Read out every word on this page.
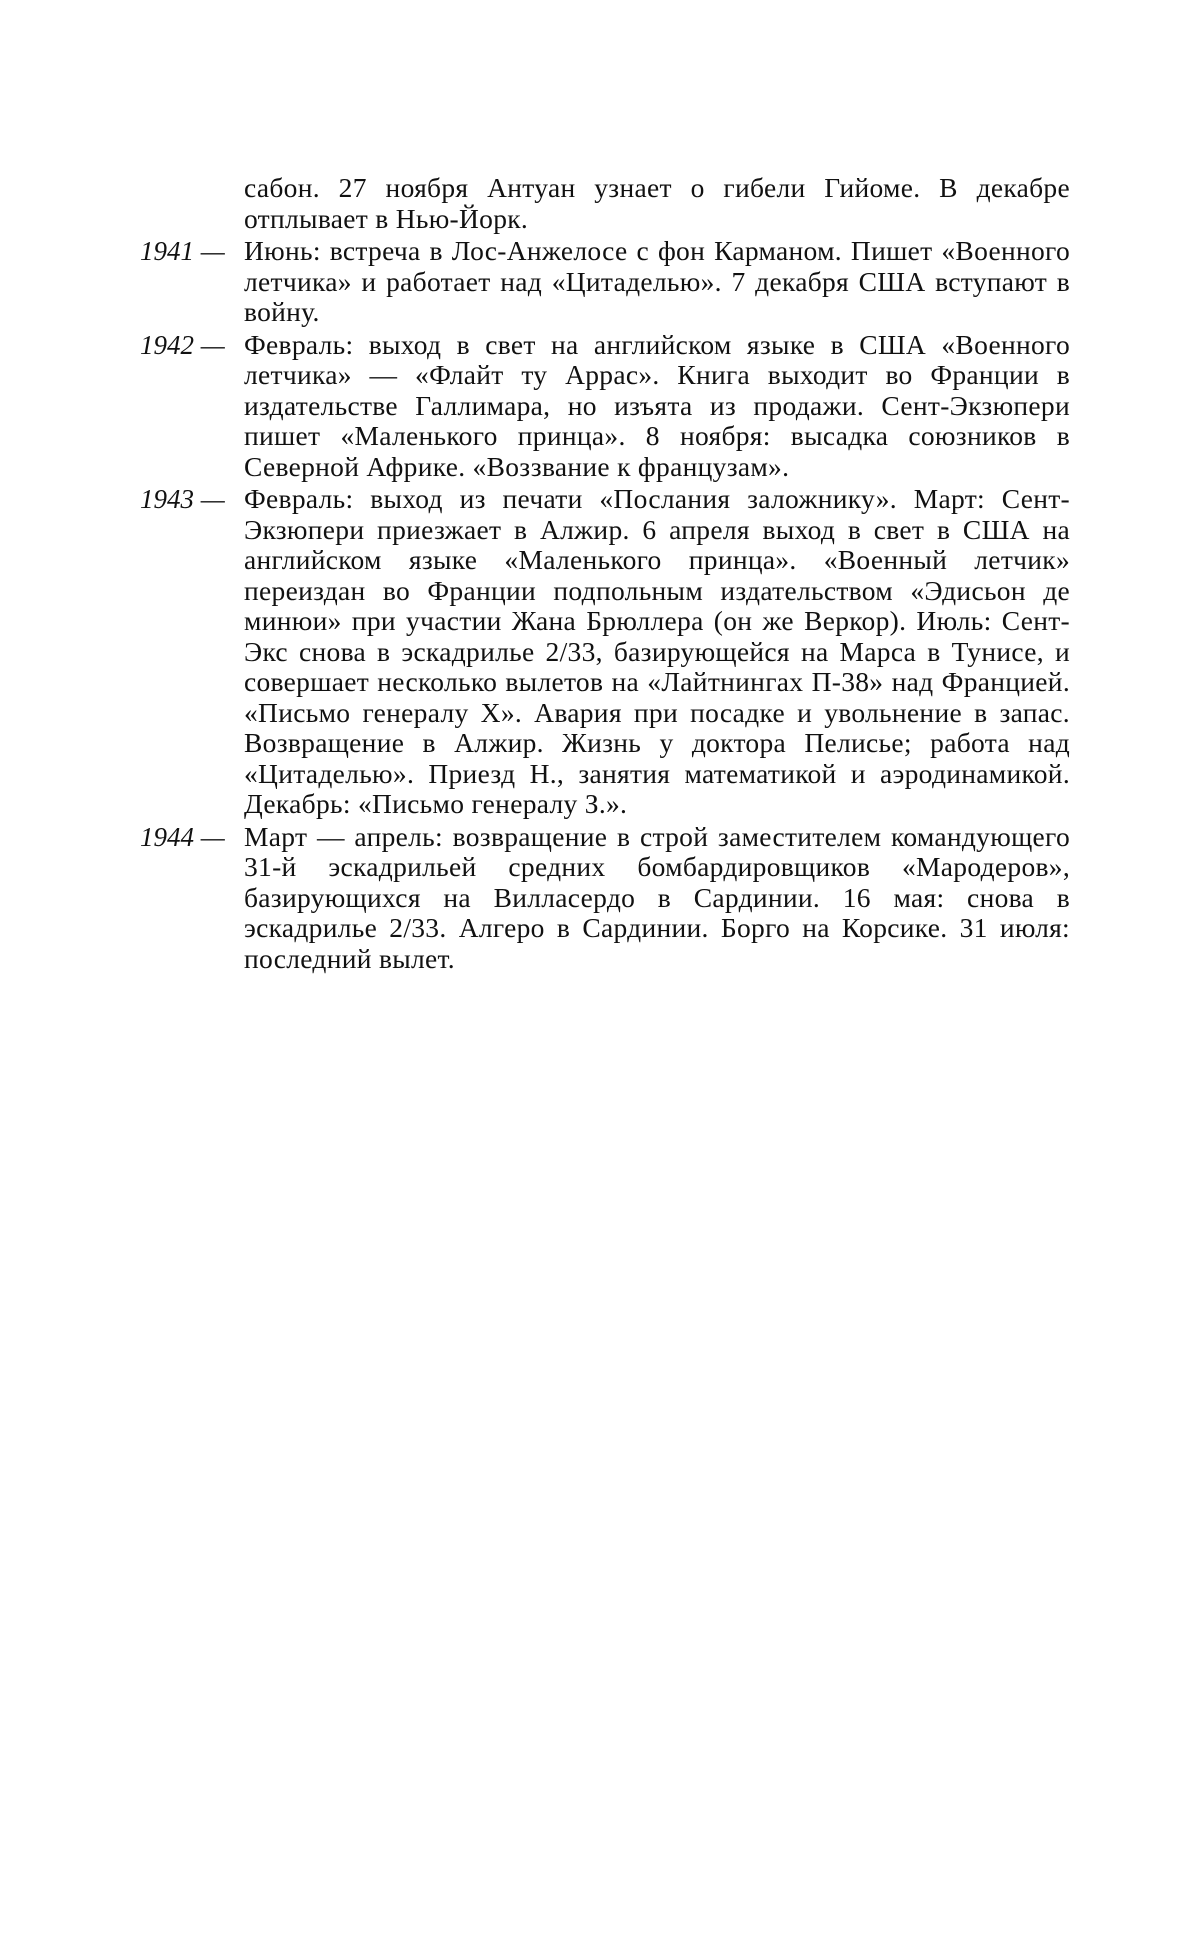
сабон. 27 ноября Антуан узнает о гибели Гийоме. В декабре отплывает в Нью-Йорк.

1941 — Июнь: встреча в Лос-Анжелосе с фон Карманом. Пишет «Военного летчика» и работает над «Цитаделью». 7 декабря США вступают в войну.

1942 — Февраль: выход в свет на английском языке в США «Военного летчика» — «Флайт ту Аррас». Книга выходит во Франции в издательстве Галлимара, но изъята из продажи. Сент-Экзюпери пишет «Маленького принца». 8 ноября: высадка союзников в Северной Африке. «Воззвание к французам».

1943 — Февраль: выход из печати «Послания заложнику». Март: Сент-Экзюпери приезжает в Алжир. 6 апреля выход в свет в США на английском языке «Маленького принца». «Военный летчик» переиздан во Франции подпольным издательством «Эдисьон де минюи» при участии Жана Брюллера (он же Веркор). Июль: Сент-Экс снова в эскадрилье 2/33, базирующейся на Марса в Тунисе, и совершает несколько вылетов на «Лайтнингах П-38» над Францией. «Письмо генералу Х». Авария при посадке и увольнение в запас. Возвращение в Алжир. Жизнь у доктора Пелисье; работа над «Цитаделью». Приезд Н., занятия математикой и аэродинамикой. Декабрь: «Письмо генералу З.».

1944 — Март — апрель: возвращение в строй заместителем командующего 31-й эскадрильей средних бомбардировщиков «Мародеров», базирующихся на Вилласердо в Сардинии. 16 мая: снова в эскадрилье 2/33. Алгеро в Сардинии. Борго на Корсике. 31 июля: последний вылет.
